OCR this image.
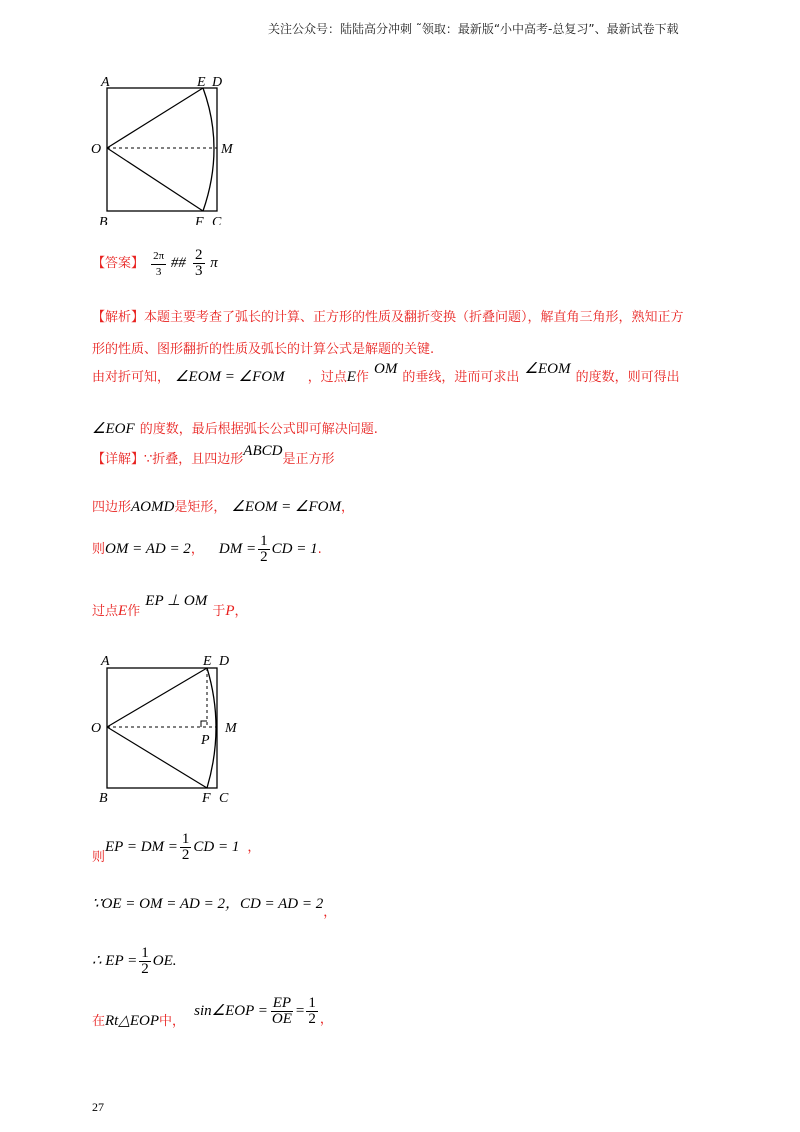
关注公众号：陆陆高分冲刺 ˜领取：最新版“小中高考-总复习”、最新试卷下载
A	E D
O	M
B	F C
【答案】 $\frac{2\pi}{3}$ ## $\frac{2}{3}$ π
【解析】本题主要考查了弧长的计算、正方形的性质及翻折变换（折叠问题），解直角三角形，熟知正方
形的性质、图形翻折的性质及弧长的计算公式是解题的关键.
由对折可知， ∠EOM = ∠FOM ，过点E作 OM 的垂线，进而可求出 ∠EOM 的度数，则可得出
∠EOF 的度数，最后根据弧长公式即可解决问题.
【详解】∵折叠，且四边形ABCD是正方形
四边形AOMD是矩形， ∠EOM = ∠FOM，
则OM = AD = 2， DM = $\frac{1}{2}$ CD = 1.
过点E作 EP ⊥ OM 于P，
A	E D
O	M
P
B	F C
$_则$EP = DM = $\frac{1}{2}$ CD = 1 ，
∵OE = OM = AD = 2，CD = AD = $2_,$
∴ EP = $\frac{1}{2}$ OE.
$_在Rt\triangle EOP_{中,}$ sin∠EOP = $\frac{EP}{OE} = \frac{1}{2} _,$
27
